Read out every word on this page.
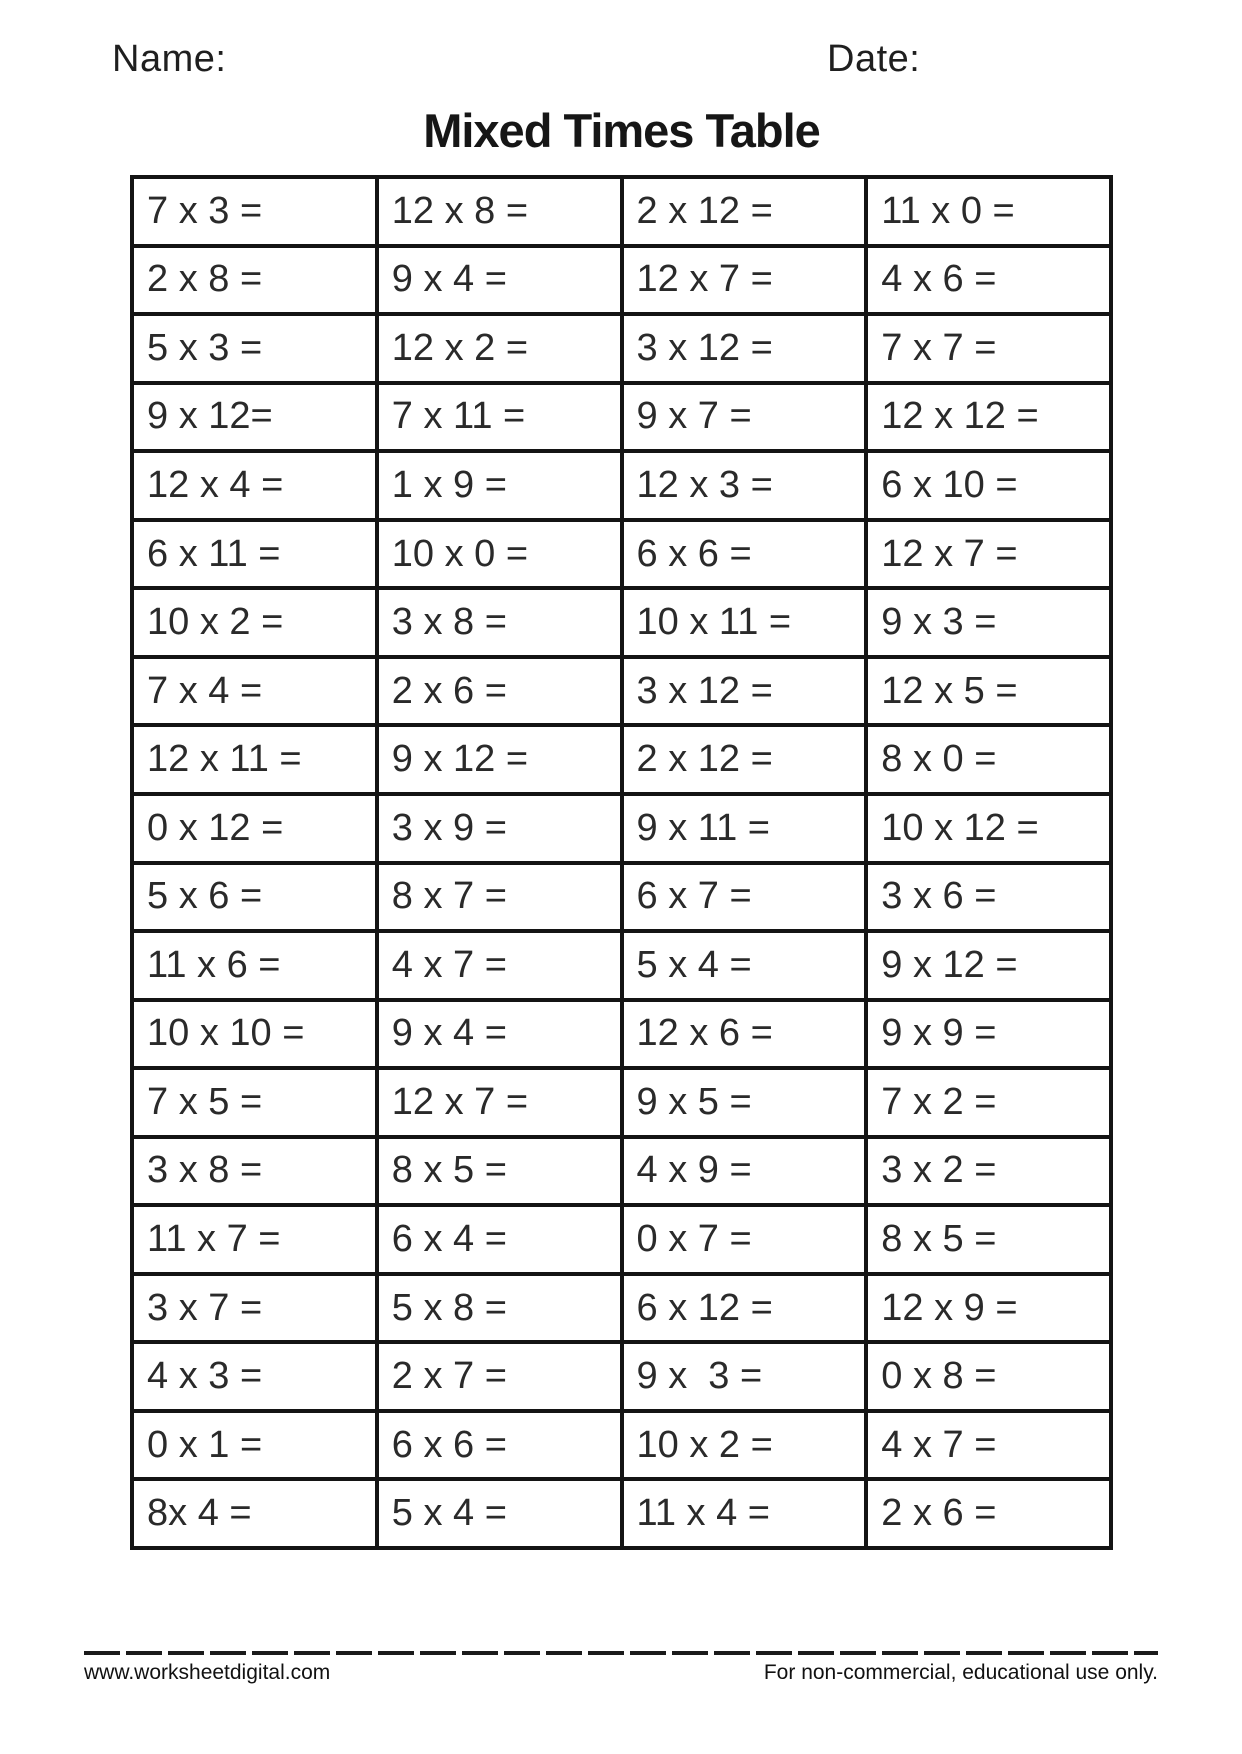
Name:	Date:
Mixed Times Table
7 x 3 =	12 x 8 =	2 x 12 =	11 x 0 =
2 x 8 =	9 x 4 =	12 x 7 =	4 x 6 =
5 x 3 =	12 x 2 =	3 x 12 =	7 x 7 =
9 x 12=	7 x 11 =	9 x 7 =	12 x 12 =
12 x 4 =	1 x 9 =	12 x 3 =	6 x 10 =
6 x 11 =	10 x 0 =	6 x 6 =	12 x 7 =
10 x 2 =	3 x 8 =	10 x 11 =	9 x 3 =
7 x 4 =	2 x 6 =	3 x 12 =	12 x 5 =
12 x 11 =	9 x 12 =	2 x 12 =	8 x 0 =
0 x 12 =	3 x 9 =	9 x 11 =	10 x 12 =
5 x 6 =	8 x 7 =	6 x 7 =	3 x 6 =
11 x 6 =	4 x 7 =	5 x 4 =	9 x 12 =
10 x 10 =	9 x 4 =	12 x 6 =	9 x 9 =
7 x 5 =	12 x 7 =	9 x 5 =	7 x 2 =
3 x 8 =	8 x 5 =	4 x 9 =	3 x 2 =
11 x 7 =	6 x 4 =	0 x 7 =	8 x 5 =
3 x 7 =	5 x 8 =	6 x 12 =	12 x 9 =
4 x 3 =	2 x 7 =	9 x  3 =	0 x 8 =
0 x 1 =	6 x 6 =	10 x 2 =	4 x 7 =
8x 4 =	5 x 4 =	11 x 4 =	2 x 6 =
www.worksheetdigital.com	For non-commercial, educational use only.
